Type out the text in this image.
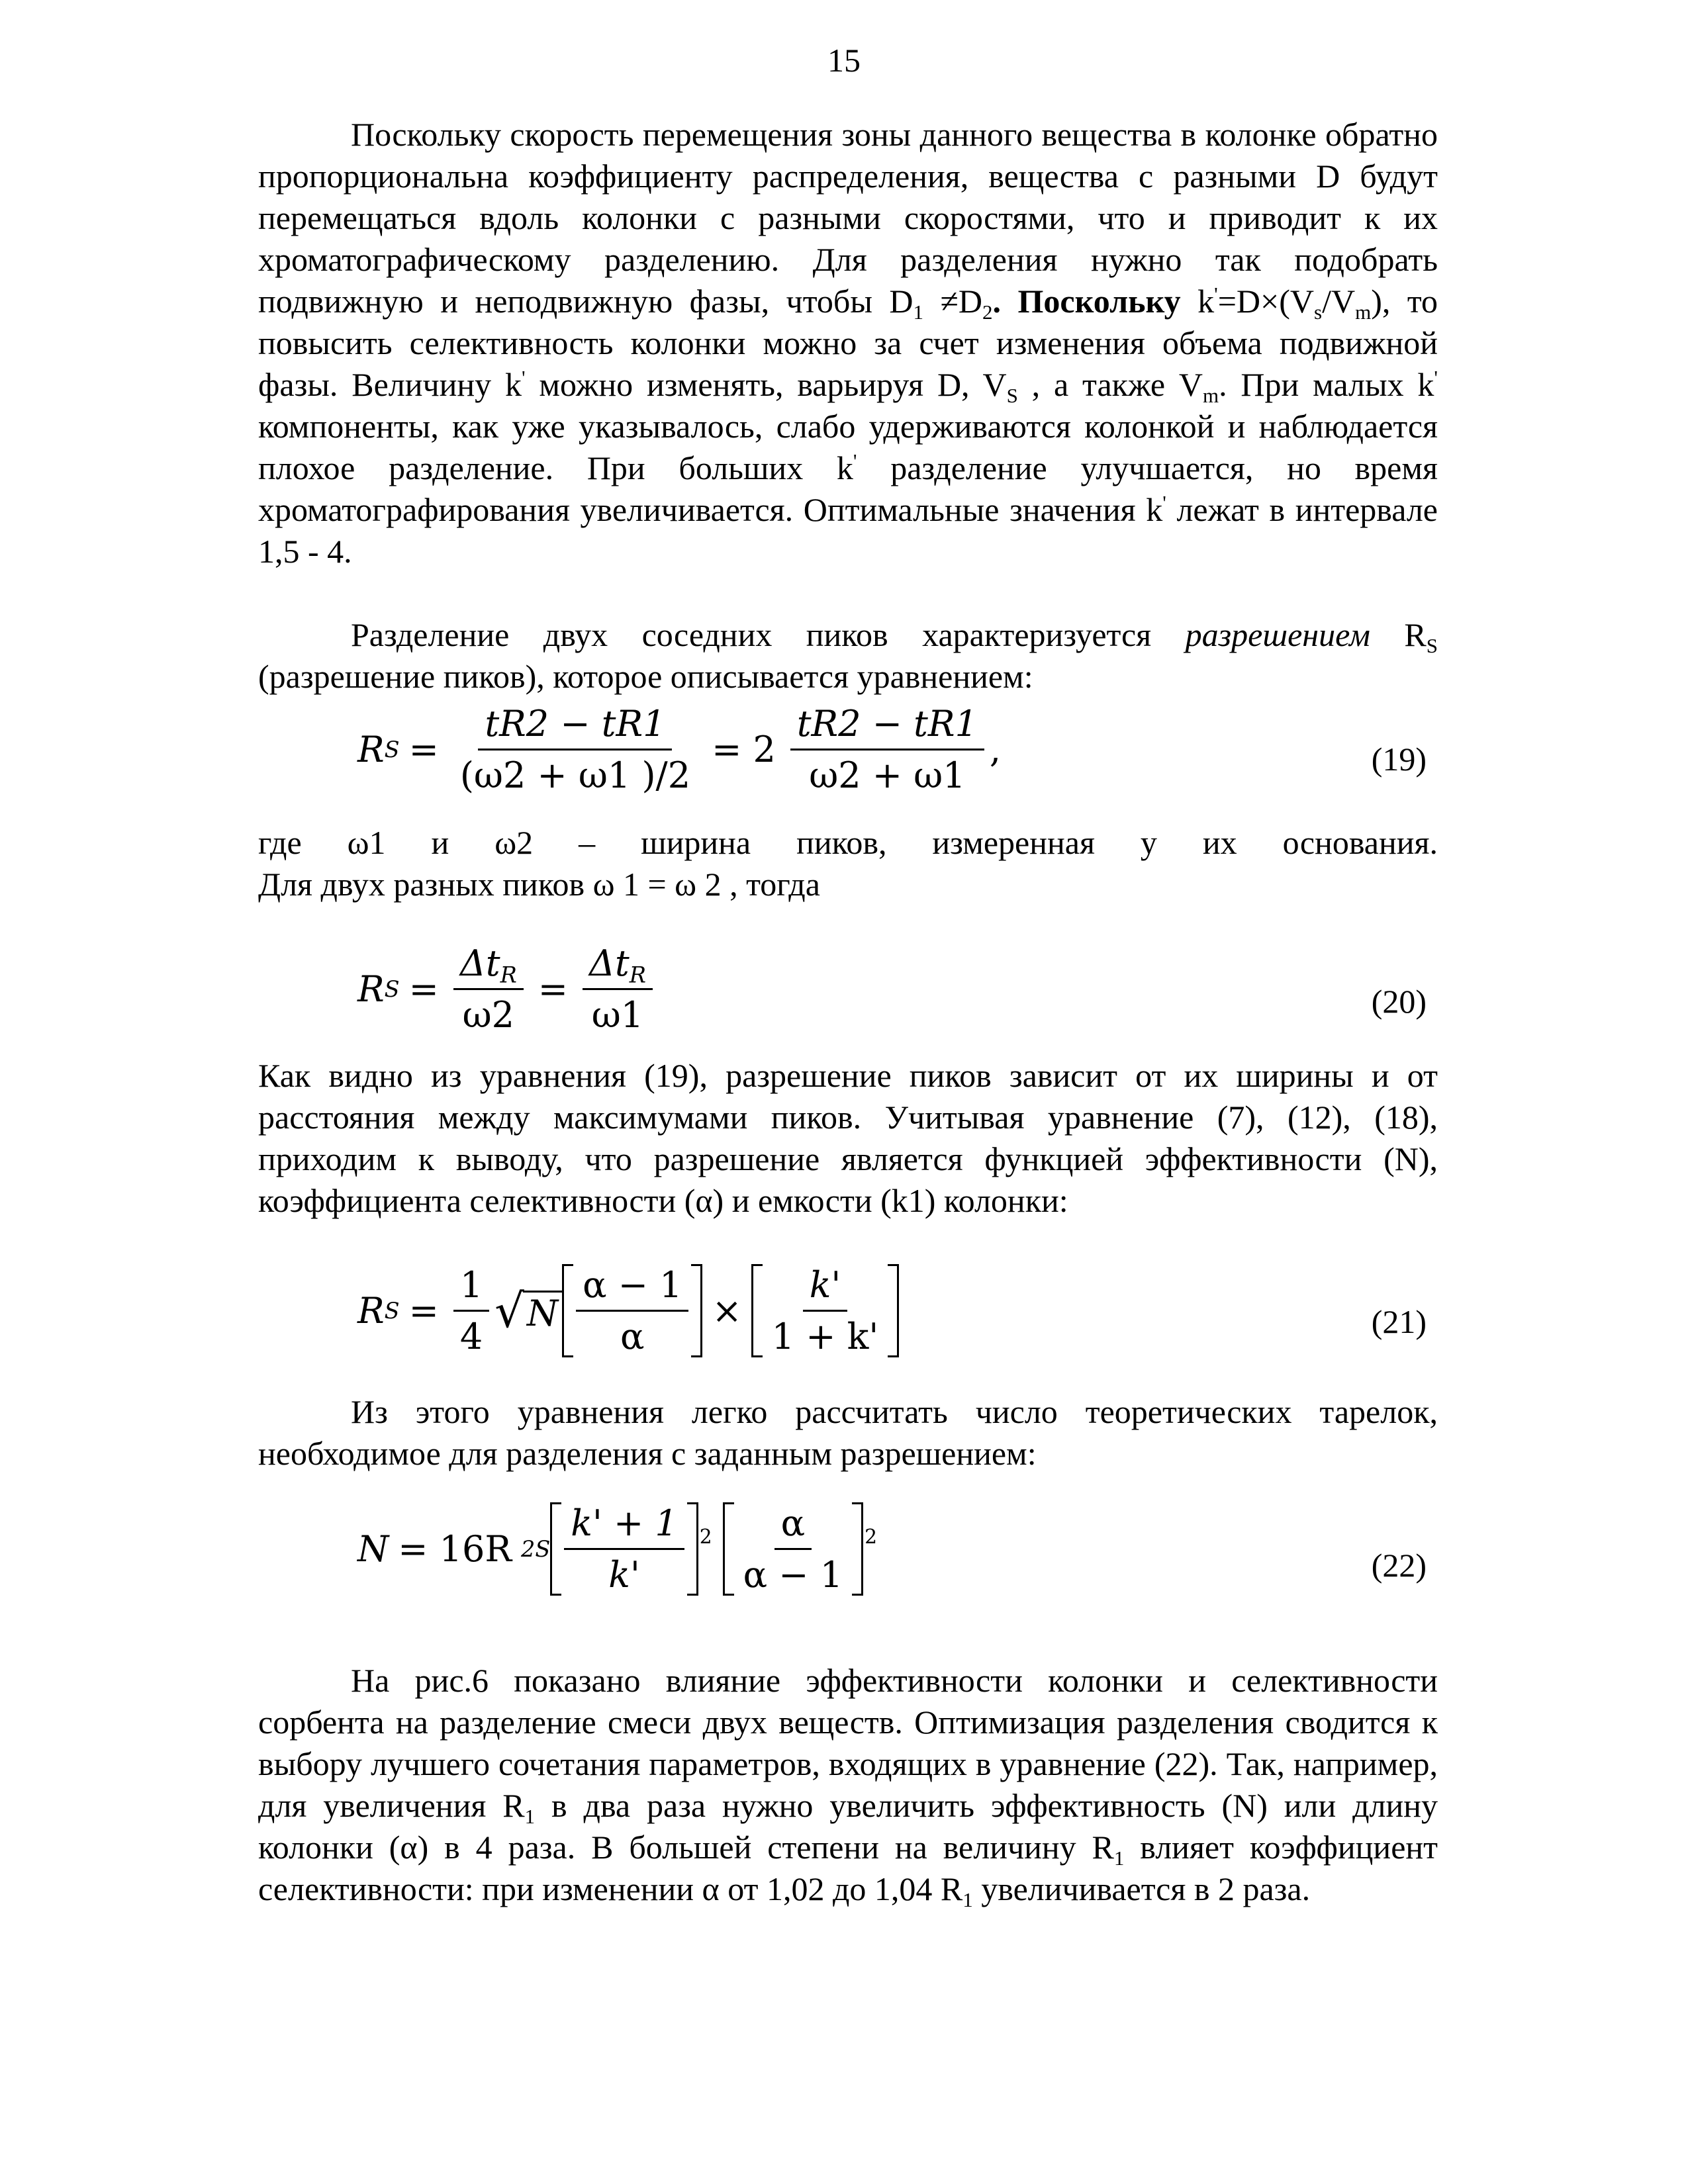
15

Поскольку скорость перемещения зоны данного вещества в колонке обратно пропорциональна коэффициенту распределения, вещества с разными D будут перемещаться вдоль колонки с разными скоростями, что и приводит к их хроматографическому разделению. Для разделения нужно так подобрать подвижную и неподвижную фазы, чтобы $D_1 \ne D_2$. Поскольку $k'=D\times(V_s/V_m)$, то повысить селективность колонки можно за счет изменения объема подвижной фазы. Величину k' можно изменять, варьируя D, $V_S$ , а также $V_m$. При малых k' компоненты, как уже указывалось, слабо удерживаются колонкой и наблюдается плохое разделение. При больших k' разделение улучшается, но время хроматографирования увеличивается. Оптимальные значения k' лежат в интервале 1,5 - 4.

Разделение двух соседних пиков характеризуется разрешением $R_S$ (разрешение пиков), которое описывается уравнением:

R $S = \frac{tR2 - tR1}{(\omega 2 + \omega 1 )/2} = 2 \frac{tR2 - tR1}{\omega 2 + \omega 1}$ ,	(19)

где ω1 и ω2 – ширина пиков, измеренная у их основания.

Для двух разных пиков ω 1 = ω 2 , тогда

R $S = \frac{\Delta t_R}{\omega 2} = \frac{\Delta t_R}{\omega 1}$	(20)

Как видно из уравнения (19), разрешение пиков зависит от их ширины и от расстояния между максимумами пиков. Учитывая уравнение (7), (12), (18), приходим к выводу, что разрешение является функцией эффективности (N), коэффициента селективности (α) и емкости (k1) колонки:

R $S = \frac{1}{4}$ √ N $\frac{\alpha - 1}{\alpha} \times \frac{k'}{1 + k'}$	(21)

Из этого уравнения легко рассчитать число теоретических тарелок, необходимое для разделения с заданным разрешением:

N = 16R 2 S $\frac{k' + 1}{k'} 2 \frac{\alpha}{\alpha - 1} 2$
(22)

На рис.6 показано влияние эффективности колонки и селективности сорбента на разделение смеси двух веществ. Оптимизация разделения сводится к выбору лучшего сочетания параметров, входящих в уравнение (22). Так, например, для увеличения $R_1$ в два раза нужно увеличить эффективность (N) или длину колонки (α) в 4 раза. В большей степени на величину $R_1$ влияет коэффициент селективности: при изменении α от 1,02 до 1,04 $R_1$ увеличивается в 2 раза.
